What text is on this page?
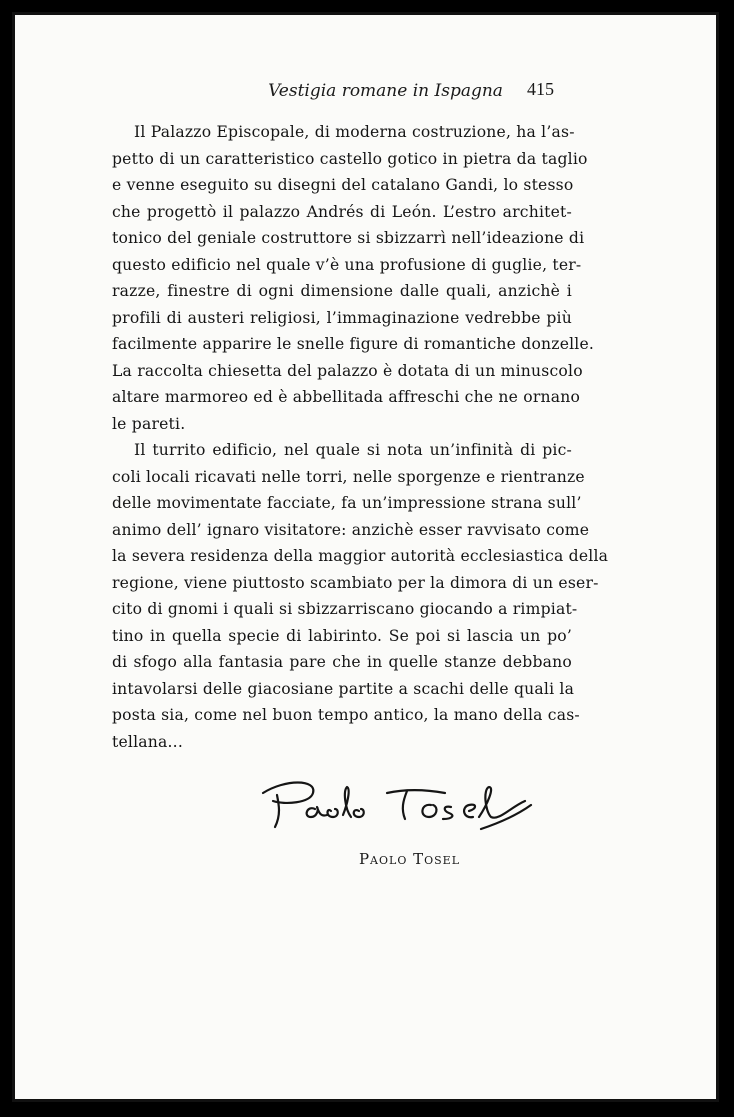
Vestigia romane in Ispagna	415
Il Palazzo Episcopale, di moderna costruzione, ha l’as-
petto di un caratteristico castello gotico in pietra da taglio
e venne eseguito su disegni del catalano Gandi, lo stesso
che progettò il palazzo Andrés di León. L’estro architet-
tonico del geniale costruttore si sbizzarrì nell’ideazione di
questo edificio nel quale v’è una profusione di guglie, ter-
razze, finestre di ogni dimensione dalle quali, anzichè i
profili di austeri religiosi, l’immaginazione vedrebbe più
facilmente apparire le snelle figure di romantiche donzelle.
La raccolta chiesetta del palazzo è dotata di un minuscolo
altare marmoreo ed è abbellitada affreschi che ne ornano
le pareti.
Il turrito edificio, nel quale si nota un’infinità di pic-
coli locali ricavati nelle torri, nelle sporgenze e rientranze
delle movimentate facciate, fa un’impressione strana sull’
animo dell’ ignaro visitatore: anzichè esser ravvisato come
la severa residenza della maggior autorità ecclesiastica della
regione, viene piuttosto scambiato per la dimora di un eser-
cito di gnomi i quali si sbizzarriscano giocando a rimpiat-
tino in quella specie di labirinto. Se poi si lascia un po’
di sfogo alla fantasia pare che in quelle stanze debbano
intavolarsi delle giacosiane partite a scachi delle quali la
posta sia, come nel buon tempo antico, la mano della cas-
tellana...
Paolo Tosel
